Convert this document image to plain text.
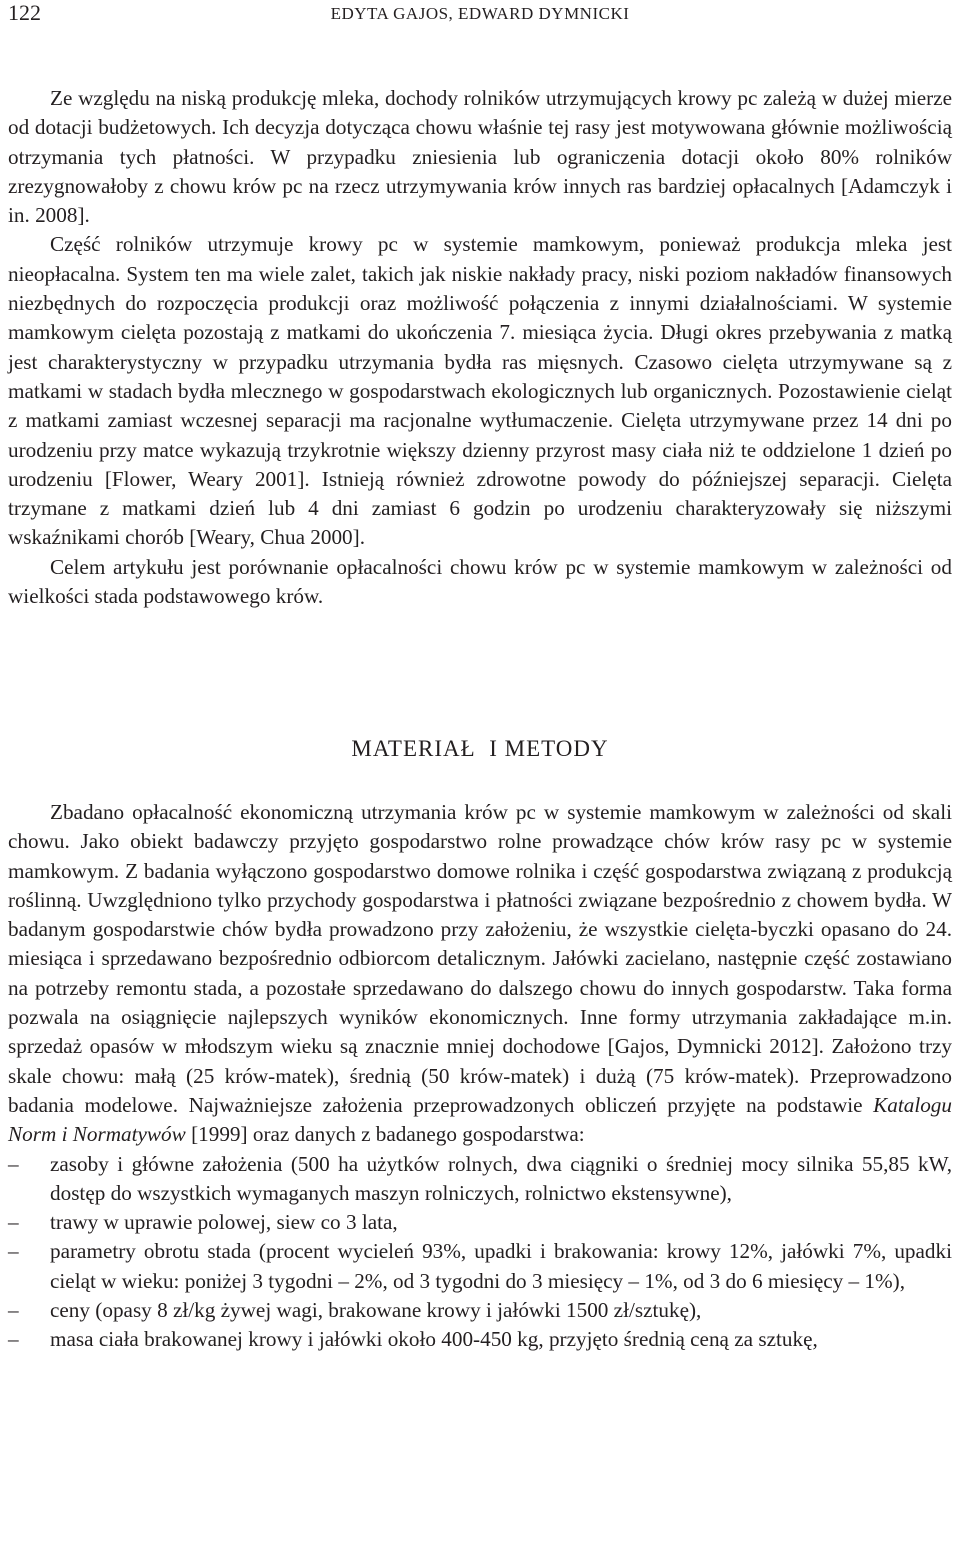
122	EDYTA GAJOS, EDWARD DYMNICKI

Ze względu na niską produkcję mleka, dochody rolników utrzymujących krowy pc zależą w dużej mierze od dotacji budżetowych. Ich decyzja dotycząca chowu właśnie tej rasy jest motywowana głównie możliwością otrzymania tych płatności. W przypadku zniesienia lub ograniczenia dotacji około 80% rolników zrezygnowałoby z chowu krów pc na rzecz utrzymywania krów innych ras bardziej opłacalnych [Adamczyk i in. 2008].

Część rolników utrzymuje krowy pc w systemie mamkowym, ponieważ produkcja mleka jest nieopłacalna. System ten ma wiele zalet, takich jak niskie nakłady pracy, niski poziom nakładów finansowych niezbędnych do rozpoczęcia produkcji oraz możliwość połączenia z innymi działalnościami. W systemie mamkowym cielęta pozostają z matkami do ukończenia 7. miesiąca życia. Długi okres przebywania z matką jest charakterystyczny w przypadku utrzymania bydła ras mięsnych. Czasowo cielęta utrzymywane są z matkami w stadach bydła mlecznego w gospodarstwach ekologicznych lub organicznych. Pozostawienie cieląt z matkami zamiast wczesnej separacji ma racjonalne wytłumaczenie. Cielęta utrzymywane przez 14 dni po urodzeniu przy matce wykazują trzykrotnie większy dzienny przyrost masy ciała niż te oddzielone 1 dzień po urodzeniu [Flower, Weary 2001]. Istnieją również zdrowotne powody do późniejszej separacji. Cielęta trzymane z matkami dzień lub 4 dni zamiast 6 godzin po urodzeniu charakteryzowały się niższymi wskaźnikami chorób [Weary, Chua 2000].

Celem artykułu jest porównanie opłacalności chowu krów pc w systemie mamkowym w zależności od wielkości stada podstawowego krów.

MATERIAŁ I METODY

Zbadano opłacalność ekonomiczną utrzymania krów pc w systemie mamkowym w zależności od skali chowu. Jako obiekt badawczy przyjęto gospodarstwo rolne prowadzące chów krów rasy pc w systemie mamkowym. Z badania wyłączono gospodarstwo domowe rolnika i część gospodarstwa związaną z produkcją roślinną. Uwzględniono tylko przychody gospodarstwa i płatności związane bezpośrednio z chowem bydła. W badanym gospodarstwie chów bydła prowadzono przy założeniu, że wszystkie cielęta-byczki opasano do 24. miesiąca i sprzedawano bezpośrednio odbiorcom detalicznym. Jałówki zacielano, następnie część zostawiano na potrzeby remontu stada, a pozostałe sprzedawano do dalszego chowu do innych gospodarstw. Taka forma pozwala na osiągnięcie najlepszych wyników ekonomicznych. Inne formy utrzymania zakładające m.in. sprzedaż opasów w młodszym wieku są znacznie mniej dochodowe [Gajos, Dymnicki 2012]. Założono trzy skale chowu: małą (25 krów-matek), średnią (50 krów-matek) i dużą (75 krów-matek). Przeprowadzono badania modelowe. Najważniejsze założenia przeprowadzonych obliczeń przyjęte na podstawie Katalogu Norm i Normatywów [1999] oraz danych z badanego gospodarstwa:

– zasoby i główne założenia (500 ha użytków rolnych, dwa ciągniki o średniej mocy silnika 55,85 kW, dostęp do wszystkich wymaganych maszyn rolniczych, rolnictwo ekstensywne),
– trawy w uprawie polowej, siew co 3 lata,
– parametry obrotu stada (procent wycieleń 93%, upadki i brakowania: krowy 12%, jałówki 7%, upadki cieląt w wieku: poniżej 3 tygodni – 2%, od 3 tygodni do 3 miesięcy – 1%, od 3 do 6 miesięcy – 1%),
– ceny (opasy 8 zł/kg żywej wagi, brakowane krowy i jałówki 1500 zł/sztukę),
– masa ciała brakowanej krowy i jałówki około 400-450 kg, przyjęto średnią ceną za sztukę,
